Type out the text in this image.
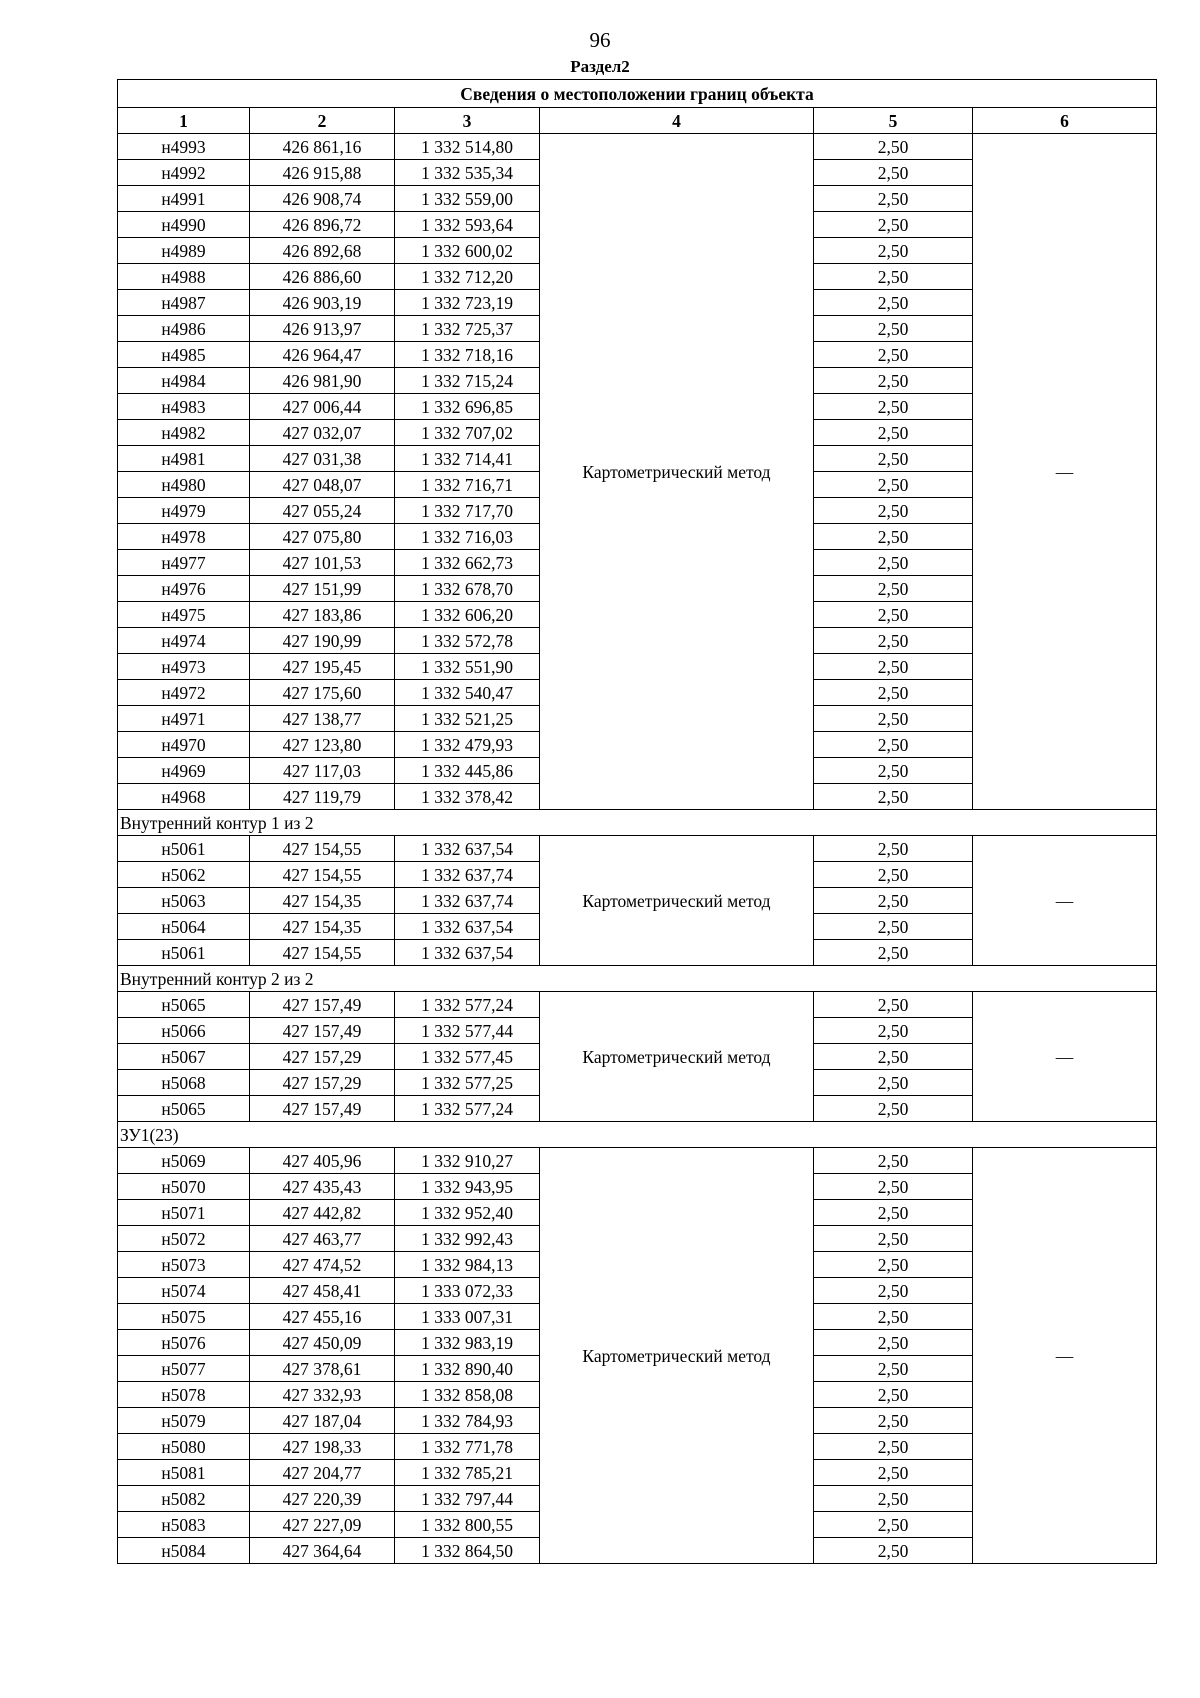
96
Раздел2
Сведения о местоположении границ объекта					
1	2	3	4	5	6
н4993	426 861,16	1 332 514,80	Картометрический метод	2,50	—
н4992	426 915,88	1 332 535,34		2,50	
н4991	426 908,74	1 332 559,00		2,50	
н4990	426 896,72	1 332 593,64		2,50	
н4989	426 892,68	1 332 600,02		2,50	
н4988	426 886,60	1 332 712,20		2,50	
н4987	426 903,19	1 332 723,19		2,50	
н4986	426 913,97	1 332 725,37		2,50	
н4985	426 964,47	1 332 718,16		2,50	
н4984	426 981,90	1 332 715,24		2,50	
н4983	427 006,44	1 332 696,85		2,50	
н4982	427 032,07	1 332 707,02		2,50	
н4981	427 031,38	1 332 714,41		2,50	
н4980	427 048,07	1 332 716,71		2,50	
н4979	427 055,24	1 332 717,70		2,50	
н4978	427 075,80	1 332 716,03		2,50	
н4977	427 101,53	1 332 662,73		2,50	
н4976	427 151,99	1 332 678,70		2,50	
н4975	427 183,86	1 332 606,20		2,50	
н4974	427 190,99	1 332 572,78		2,50	
н4973	427 195,45	1 332 551,90		2,50	
н4972	427 175,60	1 332 540,47		2,50	
н4971	427 138,77	1 332 521,25		2,50	
н4970	427 123,80	1 332 479,93		2,50	
н4969	427 117,03	1 332 445,86		2,50	
н4968	427 119,79	1 332 378,42		2,50	
Внутренний контур 1 из 2					
н5061	427 154,55	1 332 637,54	Картометрический метод	2,50	—
н5062	427 154,55	1 332 637,74		2,50	
н5063	427 154,35	1 332 637,74		2,50	
н5064	427 154,35	1 332 637,54		2,50	
н5061	427 154,55	1 332 637,54		2,50	
Внутренний контур 2 из 2					
н5065	427 157,49	1 332 577,24	Картометрический метод	2,50	—
н5066	427 157,49	1 332 577,44		2,50	
н5067	427 157,29	1 332 577,45		2,50	
н5068	427 157,29	1 332 577,25		2,50	
н5065	427 157,49	1 332 577,24		2,50	
ЗУ1(23)					
н5069	427 405,96	1 332 910,27	Картометрический метод	2,50	—
н5070	427 435,43	1 332 943,95		2,50	
н5071	427 442,82	1 332 952,40		2,50	
н5072	427 463,77	1 332 992,43		2,50	
н5073	427 474,52	1 332 984,13		2,50	
н5074	427 458,41	1 333 072,33		2,50	
н5075	427 455,16	1 333 007,31		2,50	
н5076	427 450,09	1 332 983,19		2,50	
н5077	427 378,61	1 332 890,40		2,50	
н5078	427 332,93	1 332 858,08		2,50	
н5079	427 187,04	1 332 784,93		2,50	
н5080	427 198,33	1 332 771,78		2,50	
н5081	427 204,77	1 332 785,21		2,50	
н5082	427 220,39	1 332 797,44		2,50	
н5083	427 227,09	1 332 800,55		2,50	
н5084	427 364,64	1 332 864,50		2,50	
